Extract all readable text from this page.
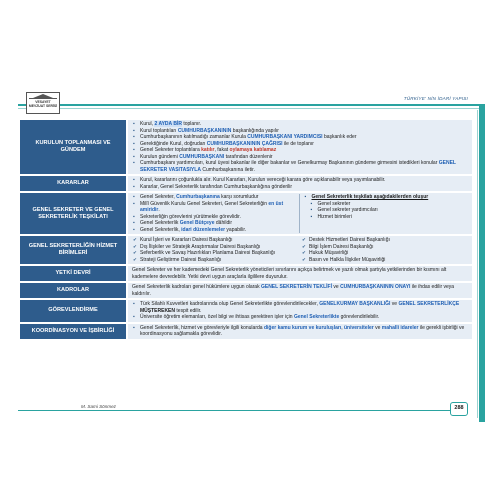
VESAYET MEVZUAT SERİSİ
TÜRKİYE' NİN İDARİ YAPISI
KURULUN TOPLANMASI VE GÜNDEM
▪ Kurul, 2 AYDA BİR toplanır.
▪ Kurul toplantıları CUMHURBAŞKANININ başkanlığında yapılır
▪ Cumhurbaşkanının katılmadığı zamanlar Kurula CUMHURBAŞKANI YARDIMCISI başkanlık eder
▪ Gerektiğinde Kurul, doğrudan CUMHURBAŞKANININ ÇAĞRISI ile de toplanır
▪ Genel Sekreter toplantılara katılır, fakat oylamaya katılamaz
▪ Kurulun gündemi CUMHURBAŞKANI tarafından düzenlenir
▪ Cumhurbaşkanı yardımcıları, kurul üyesi bakanlar ile diğer bakanlar ve Genelkurmay Başkanının gündeme girmesini istedikleri konular GENEL SEKRETER VASITASIYLA Cumhurbaşkanına iletir.
KARARLAR	▪ Kurul, kararlarını çoğunlukla alır. Kurul Kararları, Kurulun vereceği karara göre açıklanabilir veya yayımlanabilir.
▪ Kararlar, Genel Sekreterlik tarafından Cumhurbaşkanlığına gönderilir
GENEL SEKRETER VE GENEL SEKRETERLİK TEŞKİLATI
▪ Genel Sekreter, Cumhurbaşkanına karşı sorumludur
▪ Millî Güvenlik Kurulu Genel Sekreteri, Genel Sekreterliğin en üst amiridir.
▪ Sekreterliğin görevlerini yürütmekle görevlidir.
▪ Genel Sekreterlik Genel Bütçeye dâhildir
▪ Genel Sekreterlik, idari düzenlemeler yapabilir.
▪ Genel Sekreterlik teşkilatı aşağıdakilerden oluşur
▪ Genel sekreter
▪ Genel sekreter yardımcıları
▪ Hizmet birimleri
GENEL SEKRETERLİĞİN HİZMET BİRİMLERİ
✔ Kurul İşleri ve Kararları Dairesi Başkanlığı
✔ Dış İlişkiler ve Stratejik Araştırmalar Dairesi Başkanlığı
✔ Seferberlik ve Savaş Hazırlıkları Planlama Dairesi Başkanlığı
✔ Strateji Geliştirme Dairesi Başkanlığı
✔ Destek Hizmetleri Dairesi Başkanlığı
✔ Bilgi İşlem Dairesi Başkanlığı
✔ Hukuk Müşavirliği
✔ Basın ve Halkla İlişkiler Müşavirliği
YETKİ DEVRİ	Genel Sekreter ve her kademedeki Genel Sekreterlik yöneticileri sınırlarını açıkça belirtmek ve yazılı olmak şartıyla yetkilerinden bir kısmını alt kademelere devredebilir. Yetki devri uygun araçlarla ilgililere duyurulur.
KADROLAR	Genel Sekreterlik kadroları genel hükümlere uygun olarak GENEL SEKRETERİN TEKLİFİ ve CUMHURBAŞKANININ ONAYI ile ihdas edilir veya kaldırılır.
GÖREVLENDİRME
▪ Türk Silahlı Kuvvetleri kadrolarında olup Genel Sekreterlikte görevlendirilecekler, GENELKURMAY BAŞKANLIĞI ve GENEL SEKRETERLİKÇE MÜŞTEREKEN tespit edilir.
▪ Üniversite öğretim elemanları, özel bilgi ve ihtisas gerektiren işler için Genel Sekreterlikte görevlendirilebilir.
KOORDİNASYON VE İŞBİRLİĞİ	▪ Genel Sekreterlik, hizmet ve görevleriyle ilgili konularda diğer kamu kurum ve kuruluşları, üniversiteler ve mahalli idareler ile gerekli işbirliği ve koordinasyonu sağlamakla görevlidir.
M. Sami Sönmez	288
